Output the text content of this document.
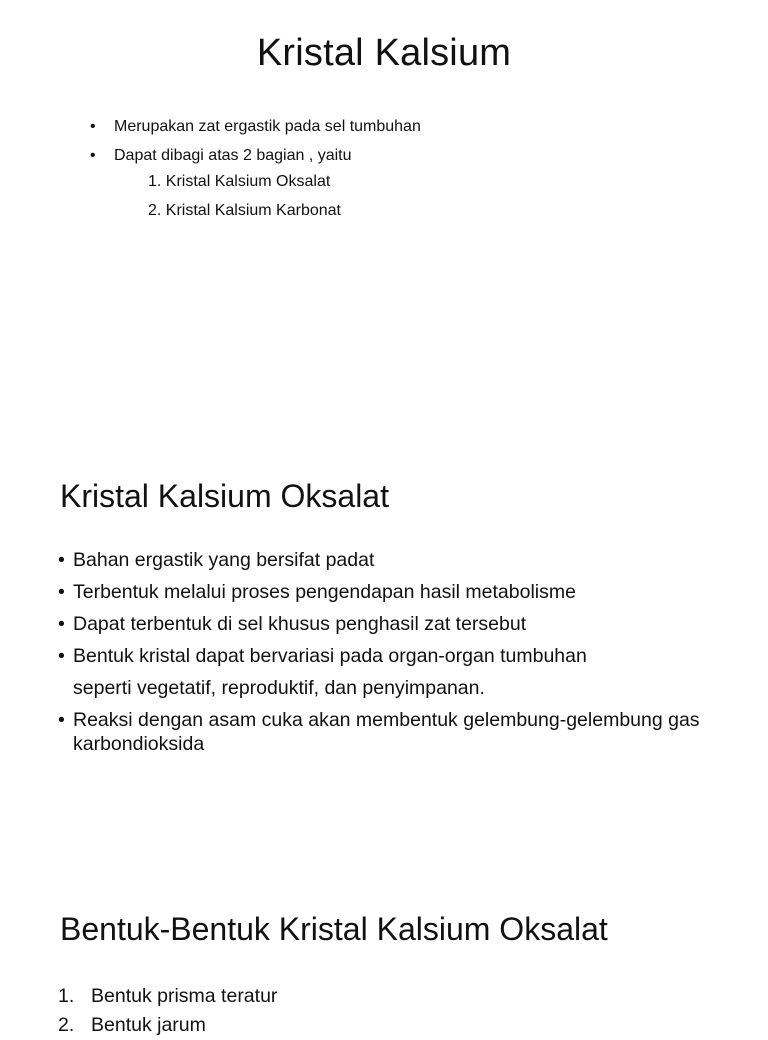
Kristal Kalsium
• Merupakan zat ergastik pada sel tumbuhan
• Dapat dibagi atas 2 bagian , yaitu
1. Kristal Kalsium Oksalat
2. Kristal Kalsium Karbonat
Kristal Kalsium Oksalat
• Bahan ergastik yang bersifat padat
• Terbentuk melalui proses pengendapan hasil metabolisme
• Dapat terbentuk di sel khusus penghasil zat tersebut
• Bentuk kristal dapat bervariasi pada organ-organ tumbuhan
seperti vegetatif, reproduktif, dan penyimpanan.
• Reaksi dengan asam cuka akan membentuk gelembung-gelembung gas karbondioksida
Bentuk-Bentuk Kristal Kalsium Oksalat
1. Bentuk prisma teratur
2. Bentuk jarum
